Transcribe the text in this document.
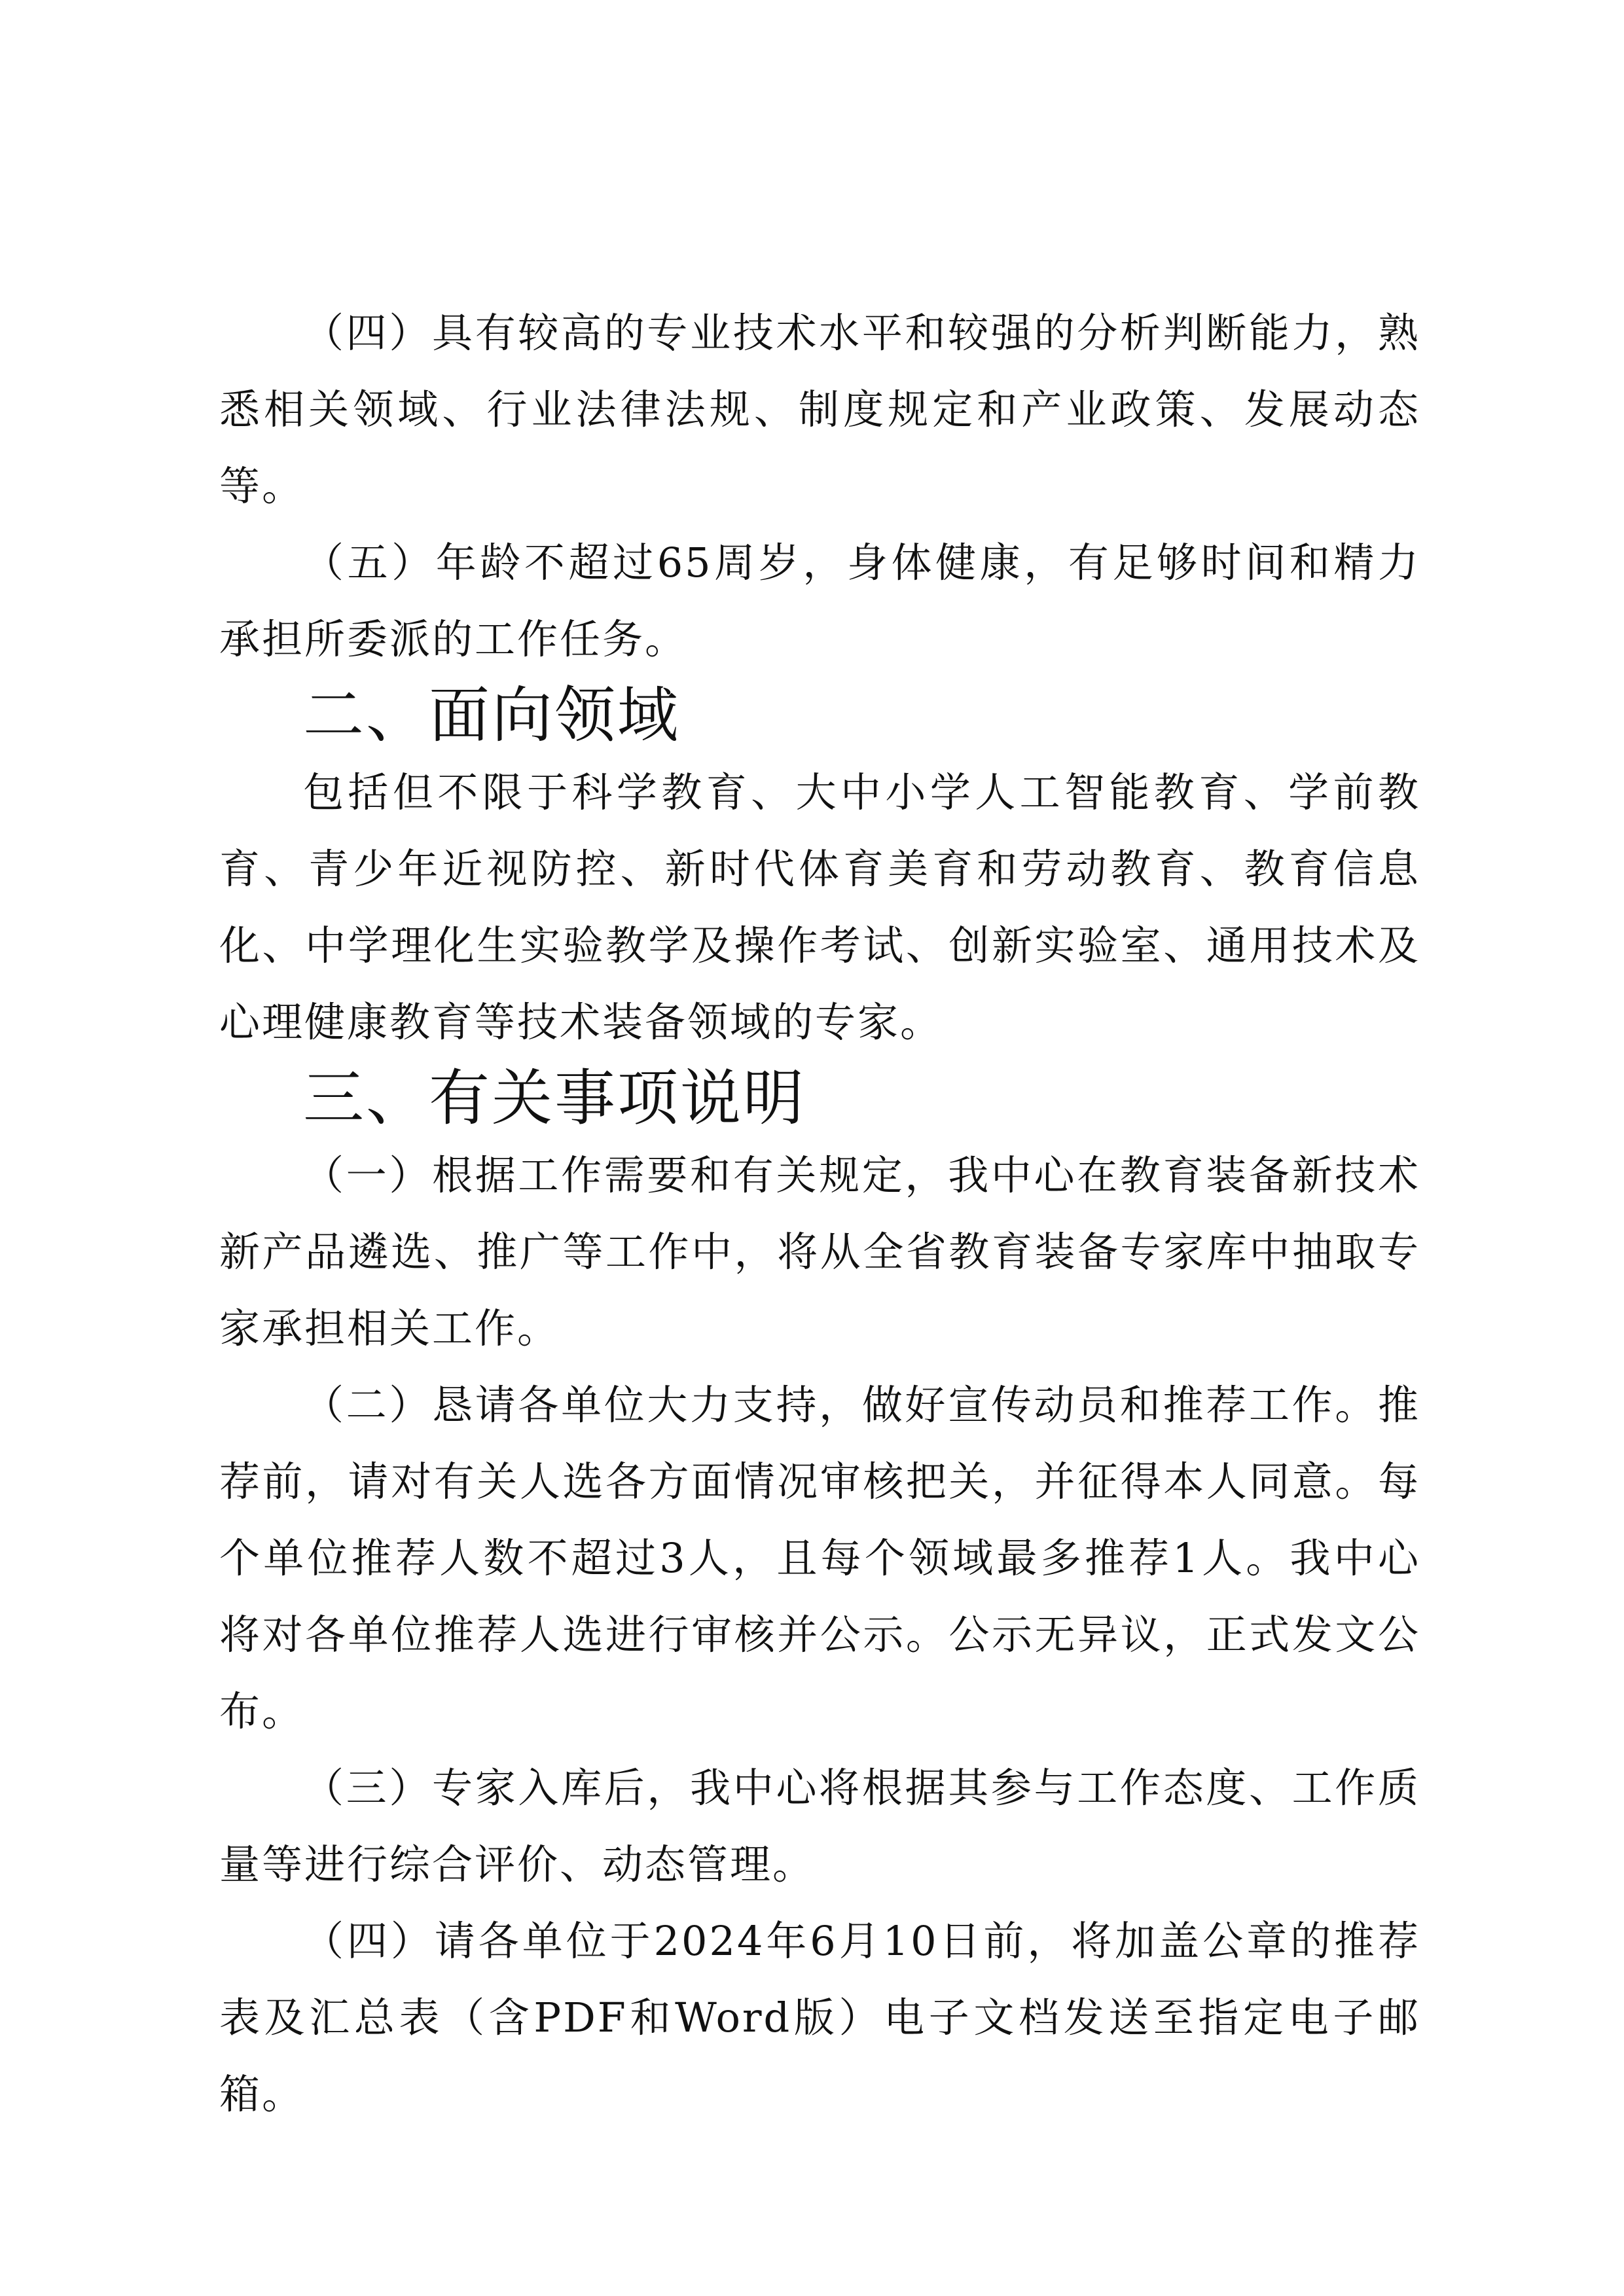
（四）具有较高的专业技术水平和较强的分析判断能力，熟悉相关领域、行业法律法规、制度规定和产业政策、发展动态等。

（五）年龄不超过65周岁，身体健康，有足够时间和精力承担所委派的工作任务。

二、面向领域

包括但不限于科学教育、大中小学人工智能教育、学前教育、青少年近视防控、新时代体育美育和劳动教育、教育信息化、中学理化生实验教学及操作考试、创新实验室、通用技术及心理健康教育等技术装备领域的专家。

三、有关事项说明

（一）根据工作需要和有关规定，我中心在教育装备新技术新产品遴选、推广等工作中，将从全省教育装备专家库中抽取专家承担相关工作。

（二）恳请各单位大力支持，做好宣传动员和推荐工作。推荐前，请对有关人选各方面情况审核把关，并征得本人同意。每个单位推荐人数不超过3人，且每个领域最多推荐1人。我中心将对各单位推荐人选进行审核并公示。公示无异议，正式发文公布。

（三）专家入库后，我中心将根据其参与工作态度、工作质量等进行综合评价、动态管理。

（四）请各单位于2024年6月10日前，将加盖公章的推荐表及汇总表（含PDF和Word版）电子文档发送至指定电子邮箱。
